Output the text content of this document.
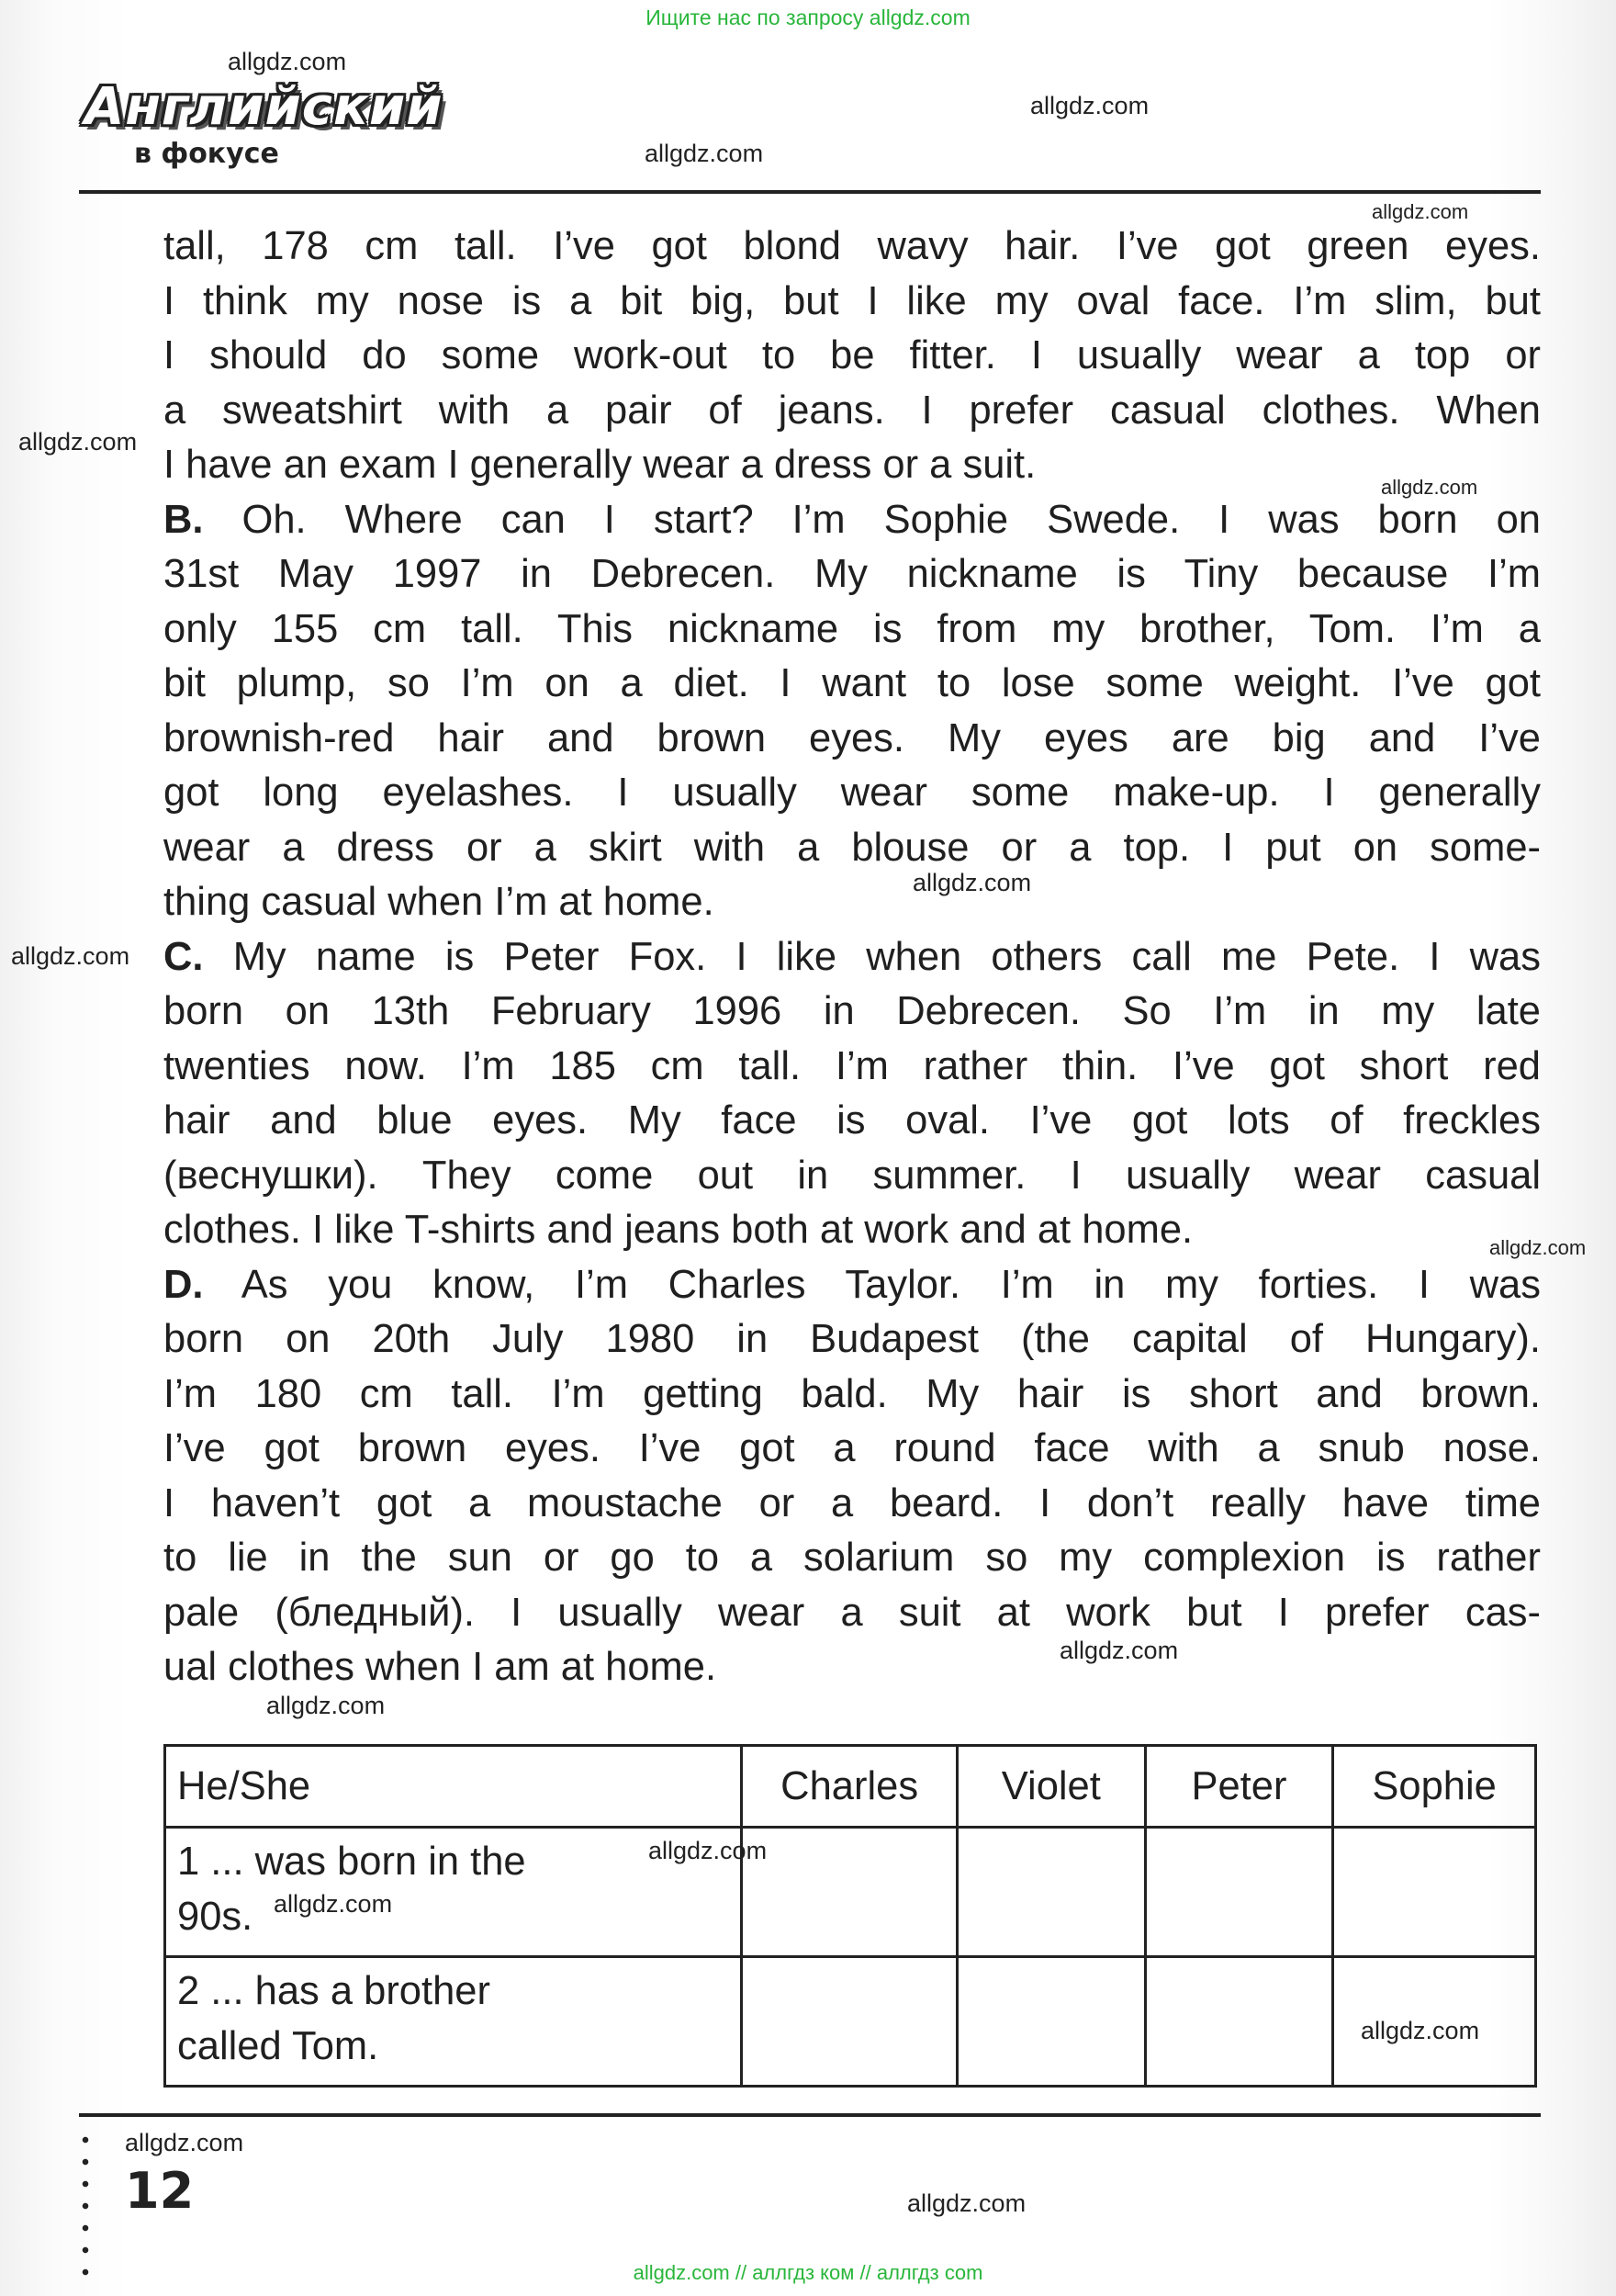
Ищите нас по запросу allgdz.com
Английский
в фокусе
tall, 178 cm tall. I’ve got blond wavy hair. I’ve got green eyes.
I think my nose is a bit big, but I like my oval face. I’m slim, but
I should do some work-out to be fitter. I usually wear a top or
a sweatshirt with a pair of jeans. I prefer casual clothes. When
I have an exam I generally wear a dress or a suit.
B. Oh. Where can I start? I’m Sophie Swede. I was born on
31st May 1997 in Debrecen. My nickname is Tiny because I’m
only 155 cm tall. This nickname is from my brother, Tom. I’m a
bit plump, so I’m on a diet. I want to lose some weight. I’ve got
brownish-red hair and brown eyes. My eyes are big and I’ve
got long eyelashes. I usually wear some make-up. I generally
wear a dress or a skirt with a blouse or a top. I put on some-
thing casual when I’m at home.
C. My name is Peter Fox. I like when others call me Pete. I was
born on 13th February 1996 in Debrecen. So I’m in my late
twenties now. I’m 185 cm tall. I’m rather thin. I’ve got short red
hair and blue eyes. My face is oval. I’ve got lots of freckles
(веснушки). They come out in summer. I usually wear casual
clothes. I like T-shirts and jeans both at work and at home.
D. As you know, I’m Charles Taylor. I’m in my forties. I was
born on 20th July 1980 in Budapest (the capital of Hungary).
I’m 180 cm tall. I’m getting bald. My hair is short and brown.
I’ve got brown eyes. I’ve got a round face with a snub nose.
I haven’t got a moustache or a beard. I don’t really have time
to lie in the sun or go to a solarium so my complexion is rather
pale (бледный). I usually wear a suit at work but I prefer cas-
ual clothes when I am at home.
He/She	Charles	Violet	Peter	Sophie
1 ... was born in the
90s.				
2 ... has a brother
called Tom.				
12
allgdz.com
allgdz.com
allgdz.com
allgdz.com
allgdz.com
allgdz.com
allgdz.com
allgdz.com
allgdz.com
allgdz.com
allgdz.com
allgdz.com
allgdz.com
allgdz.com
allgdz.com
allgdz.com
allgdz.com // аллгдз ком // аллгдз com
